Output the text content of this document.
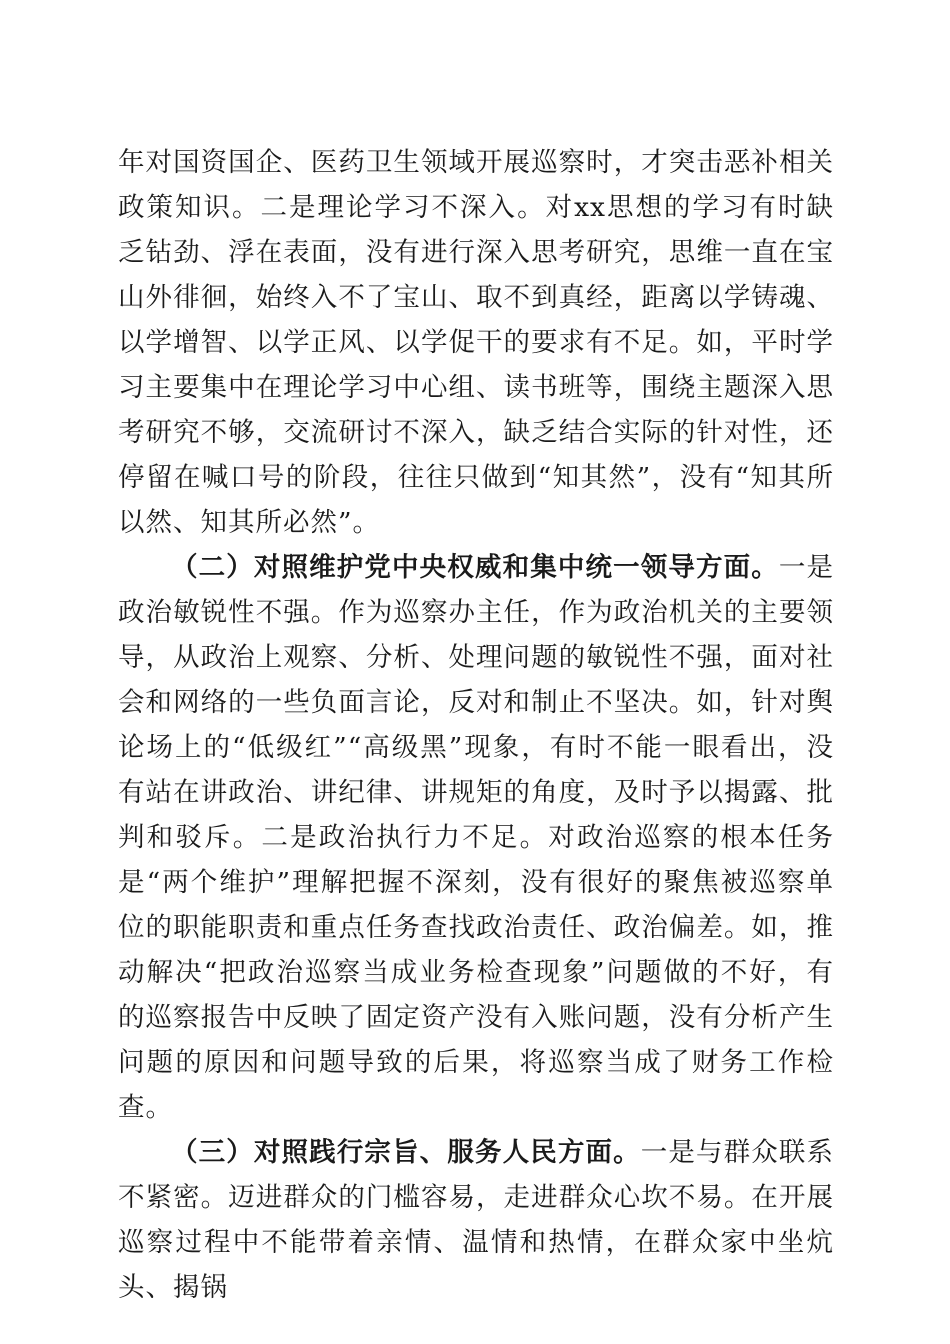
年对国资国企、医药卫生领域开展巡察时，才突击恶补相关政策知识。二是理论学习不深入。对xx思想的学习有时缺乏钻劲、浮在表面，没有进行深入思考研究，思维一直在宝山外徘徊，始终入不了宝山、取不到真经，距离以学铸魂、以学增智、以学正风、以学促干的要求有不足。如，平时学习主要集中在理论学习中心组、读书班等，围绕主题深入思考研究不够，交流研讨不深入，缺乏结合实际的针对性，还停留在喊口号的阶段，往往只做到“知其然”，没有“知其所以然、知其所必然”。

（二）对照维护党中央权威和集中统一领导方面。一是政治敏锐性不强。作为巡察办主任，作为政治机关的主要领导，从政治上观察、分析、处理问题的敏锐性不强，面对社会和网络的一些负面言论，反对和制止不坚决。如，针对舆论场上的“低级红”“高级黑”现象，有时不能一眼看出，没有站在讲政治、讲纪律、讲规矩的角度，及时予以揭露、批判和驳斥。二是政治执行力不足。对政治巡察的根本任务是“两个维护”理解把握不深刻，没有很好的聚焦被巡察单位的职能职责和重点任务查找政治责任、政治偏差。如，推动解决“把政治巡察当成业务检查现象”问题做的不好，有的巡察报告中反映了固定资产没有入账问题，没有分析产生问题的原因和问题导致的后果，将巡察当成了财务工作检查。

（三）对照践行宗旨、服务人民方面。一是与群众联系不紧密。迈进群众的门槛容易，走进群众心坎不易。在开展巡察过程中不能带着亲情、温情和热情，在群众家中坐炕头、揭锅
